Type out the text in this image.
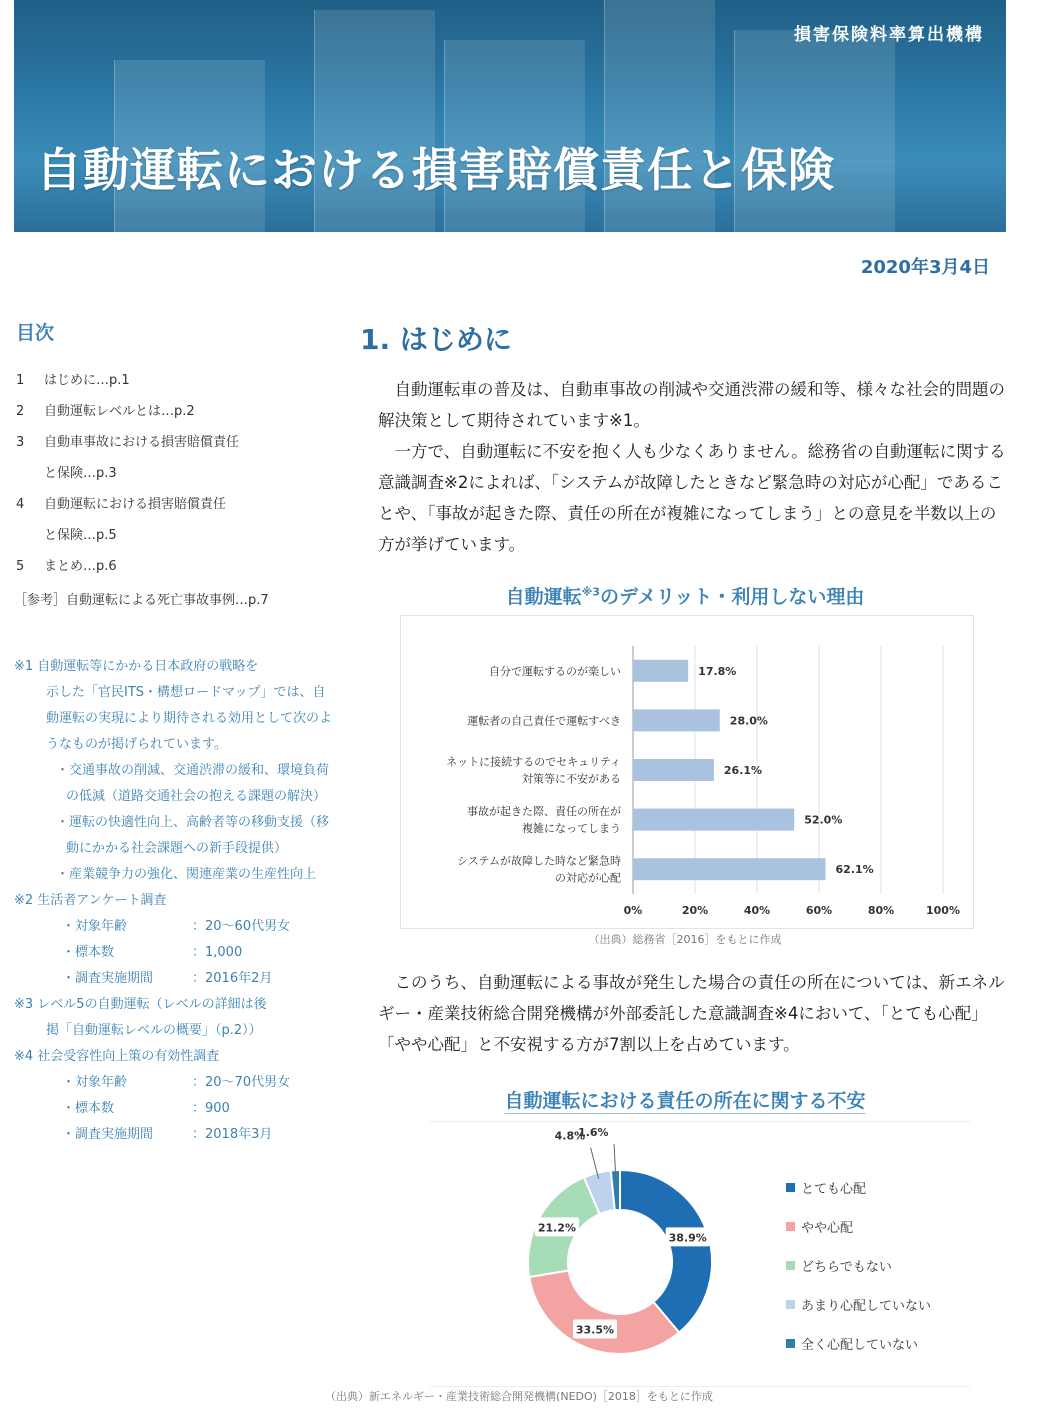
損害保険料率算出機構
自動運転における損害賠償責任と保険
2020年3月4日
目次
1	はじめに…p.1
2	自動運転レベルとは…p.2
3	自動車事故における損害賠償責任
と保険…p.3
4	自動運転における損害賠償責任
と保険…p.5
5	まとめ…p.6
［参考］自動運転による死亡事故事例…p.7
※1 自動運転等にかかる日本政府の戦略を
示した「官民ITS・構想ロードマップ」では、自動運転の実現により期待される効用として次のようなものが掲げられています。
・交通事故の削減、交通渋滞の緩和、環境負荷の低減（道路交通社会の抱える課題の解決）
・運転の快適性向上、高齢者等の移動支援（移動にかかる社会課題への新手段提供）
・産業競争力の強化、関連産業の生産性向上
※2 生活者アンケート調査
・対象年齢	：20～60代男女
・標本数	：1,000
・調査実施期間	：2016年2月
※3 レベル5の自動運転（レベルの詳細は後
掲「自動運転レベルの概要」（p.2））
※4 社会受容性向上策の有効性調査
・対象年齢	：20～70代男女
・標本数	：900
・調査実施期間	：2018年3月
1. はじめに

自動運転車の普及は、自動車事故の削減や交通渋滞の緩和等、様々な社会的問題の解決策として期待されています※1。

一方で、自動運転に不安を抱く人も少なくありません。総務省の自動運転に関する意識調査※2によれば、「システムが故障したときなど緊急時の対応が心配」であることや、「事故が起きた際、責任の所在が複雑になってしまう」との意見を半数以上の方が挙げています。

自動運転$^{※3}$のデメリット・利用しない理由
0%	20%	40%	60%	80%	100%
17.8%
自分で運転するのが楽しい
28.0%
運転者の自己責任で運転すべき
26.1%
ネットに接続するのでセキュリティ
対策等に不安がある
52.0%
事故が起きた際、責任の所在が
複雑になってしまう
62.1%
システムが故障した時など緊急時
の対応が心配
（出典）総務省［2016］をもとに作成

このうち、自動運転による事故が発生した場合の責任の所在については、新エネルギー・産業技術総合開発機構が外部委託した意識調査※4において、「とても心配」「やや心配」と不安視する方が7割以上を占めています。

自動運転における責任の所在に関する不安
38.9%
33.5%
21.2%
4.8%
1.6%
とても心配
やや心配
どちらでもない
あまり心配していない
全く心配していない
（出典）新エネルギー・産業技術総合開発機構(NEDO)［2018］をもとに作成
